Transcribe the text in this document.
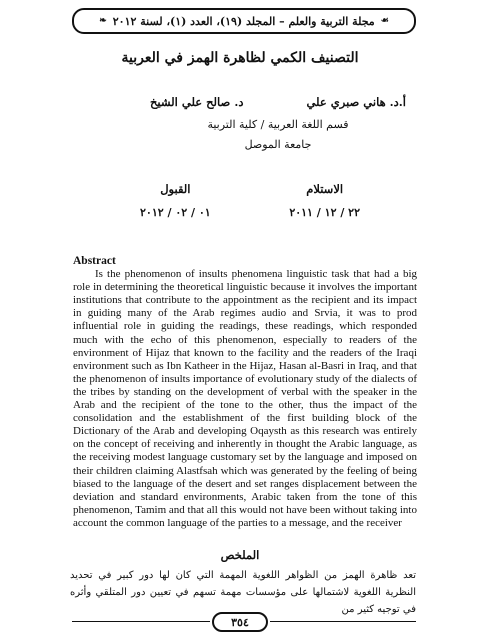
☙
مجلة التربية والعلم – المجلد (١٩)، العدد (١)، لسنة ٢٠١٢
❧
التصنيف الكمي لظاهرة الهمز في العربية
أ.د. هاني صبري علي
د. صالح علي الشيخ
قسم اللغة العربية / كلية التربية
جامعة الموصل
الاستلام
٢٢ / ١٢ / ٢٠١١
القبول
٠١ / ٠٢ / ٢٠١٢
Abstract
Is the phenomenon of insults phenomena linguistic task that had a big role in determining the theoretical linguistic because it involves the important institutions that contribute to the appointment as the recipient and its impact in guiding many of the Arab regimes audio and Srvia, it was to prod influential role in guiding the readings, these readings, which responded much with the echo of this phenomenon, especially to readers of the environment of Hijaz that known to the facility and the readers of the Iraqi environment such as Ibn Katheer in the Hijaz, Hasan al-Basri in Iraq, and that the phenomenon of insults importance of evolutionary study of the dialects of the tribes by standing on the development of verbal with the speaker in the Arab and the recipient of the tone to the other, thus the impact of the consolidation and the establishment of the first building block of the Dictionary of the Arab and developing Oqaysth as this research was entirely on the concept of receiving and inherently in thought the Arabic language, as the receiving modest language customary set by the language and imposed on their children claiming Alastfsah which was generated by the feeling of being biased to the language of the desert and set ranges displacement between the deviation and standard environments, Arabic taken from the tone of this phenomenon, Tamim and that all this would not have been without taking into account the common language of the parties to a message, and the receiver
الملخص
تعد ظاهرة الهمز من الظواهر اللغوية المهمة التي كان لها دور كبير في تحديد النظرية اللغوية لاشتمالها على مؤسسات مهمة تسهم في تعيين دور المتلقي وأثره في توجيه كثير من
٣٥٤
